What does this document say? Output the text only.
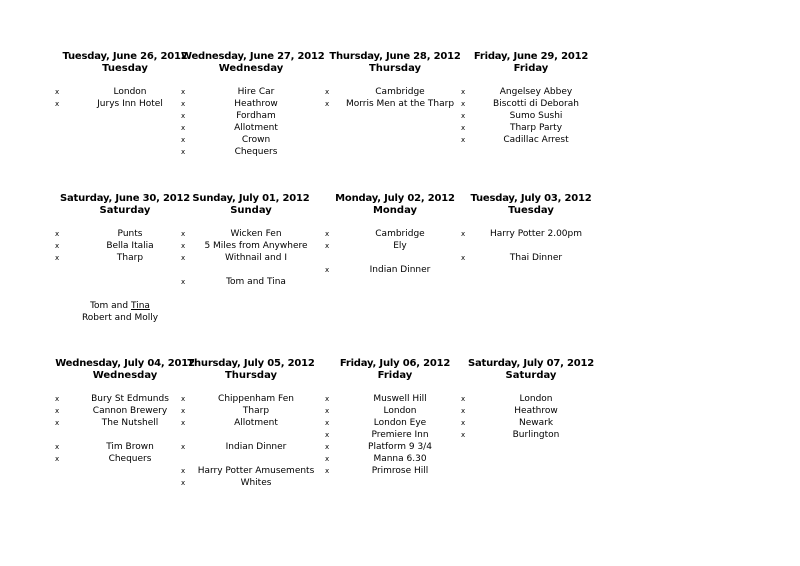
Tuesday, June 26, 2012
Tuesday
x	London
x	Jurys Inn Hotel
Wednesday, June 27, 2012
Wednesday
x	Hire Car
x	Heathrow
x	Fordham
x	Allotment
x	Crown
x	Chequers
Thursday, June 28, 2012
Thursday
x	Cambridge
x	Morris Men at the Tharp
Friday, June 29, 2012
Friday
x	Angelsey Abbey
x	Biscotti di Deborah
x	Sumo Sushi
x	Tharp Party
x	Cadillac Arrest
Saturday, June 30, 2012
Saturday
x	Punts
x	Bella Italia
x	Tharp
Tom and Tina
Robert and Molly
Sunday, July 01, 2012
Sunday
x	Wicken Fen
x	5 Miles from Anywhere
x	Withnail and I
x	Tom and Tina
Monday, July 02, 2012
Monday
x	Cambridge
x	Ely
x	Indian Dinner
Tuesday, July 03, 2012
Tuesday
x	Harry Potter 2.00pm
x	Thai Dinner
Wednesday, July 04, 2012
Wednesday
x	Bury St Edmunds
x	Cannon Brewery
x	The Nutshell
x	Tim Brown
x	Chequers
Thursday, July 05, 2012
Thursday
x	Chippenham Fen
x	Tharp
x	Allotment
x	Indian Dinner
x	Harry Potter Amusements
x	Whites
Friday, July 06, 2012
Friday
x	Muswell Hill
x	London
x	London Eye
x	Premiere Inn
x	Platform 9 3/4
x	Manna 6.30
x	Primrose Hill
Saturday, July 07, 2012
Saturday
x	London
x	Heathrow
x	Newark
x	Burlington
